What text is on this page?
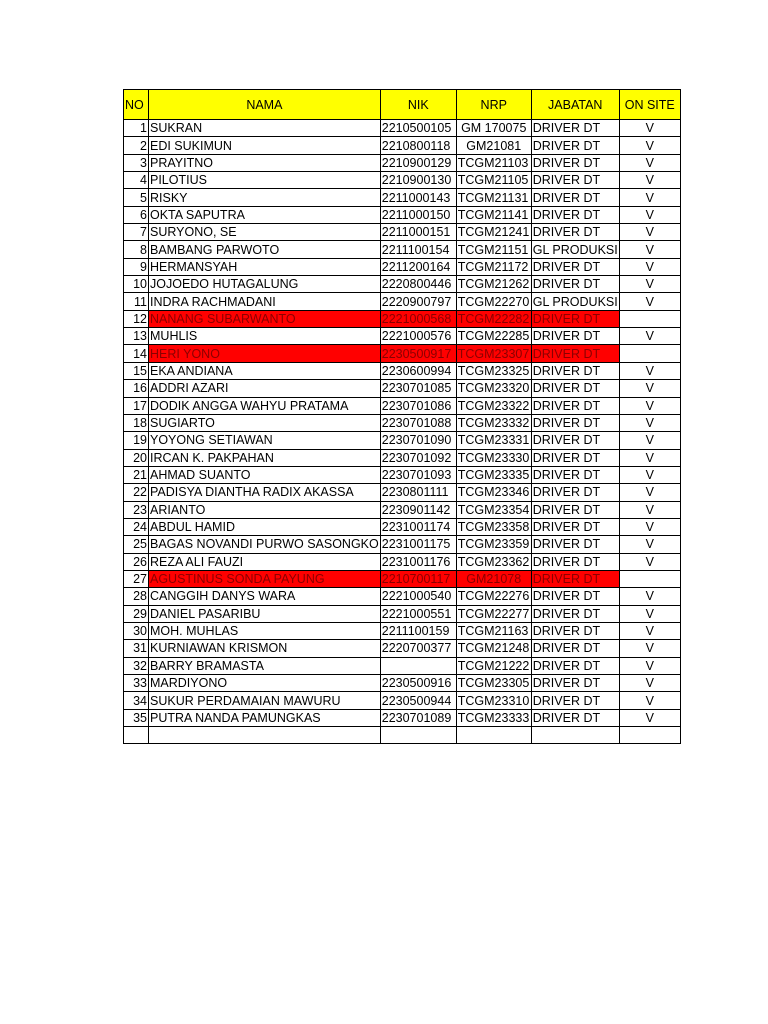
NO	NAMA	NIK	NRP	JABATAN	ON SITE
1	SUKRAN	2210500105	GM 170075	DRIVER DT	V
2	EDI SUKIMUN	2210800118	GM21081	DRIVER DT	V
3	PRAYITNO	2210900129	TCGM21103	DRIVER DT	V
4	PILOTIUS	2210900130	TCGM21105	DRIVER DT	V
5	RISKY	2211000143	TCGM21131	DRIVER DT	V
6	OKTA SAPUTRA	2211000150	TCGM21141	DRIVER DT	V
7	SURYONO, SE	2211000151	TCGM21241	DRIVER DT	V
8	BAMBANG PARWOTO	2211100154	TCGM21151	GL PRODUKSI	V
9	HERMANSYAH	2211200164	TCGM21172	DRIVER DT	V
10	JOJOEDO HUTAGALUNG	2220800446	TCGM21262	DRIVER DT	V
11	INDRA RACHMADANI	2220900797	TCGM22270	GL PRODUKSI	V
12	NANANG SUBARWANTO	2221000568	TCGM22282	DRIVER DT	
13	MUHLIS	2221000576	TCGM22285	DRIVER DT	V
14	HERI YONO	2230500917	TCGM23307	DRIVER DT	
15	EKA ANDIANA	2230600994	TCGM23325	DRIVER DT	V
16	ADDRI AZARI	2230701085	TCGM23320	DRIVER DT	V
17	DODIK ANGGA WAHYU PRATAMA	2230701086	TCGM23322	DRIVER DT	V
18	SUGIARTO	2230701088	TCGM23332	DRIVER DT	V
19	YOYONG SETIAWAN	2230701090	TCGM23331	DRIVER DT	V
20	IRCAN K. PAKPAHAN	2230701092	TCGM23330	DRIVER DT	V
21	AHMAD SUANTO	2230701093	TCGM23335	DRIVER DT	V
22	PADISYA DIANTHA RADIX AKASSA	2230801111	TCGM23346	DRIVER DT	V
23	ARIANTO	2230901142	TCGM23354	DRIVER DT	V
24	ABDUL HAMID	2231001174	TCGM23358	DRIVER DT	V
25	BAGAS NOVANDI PURWO SASONGKO	2231001175	TCGM23359	DRIVER DT	V
26	REZA ALI FAUZI	2231001176	TCGM23362	DRIVER DT	V
27	AGUSTINUS SONDA PAYUNG	2210700117	GM21078	DRIVER DT	
28	CANGGIH DANYS WARA	2221000540	TCGM22276	DRIVER DT	V
29	DANIEL PASARIBU	2221000551	TCGM22277	DRIVER DT	V
30	MOH. MUHLAS	2211100159	TCGM21163	DRIVER DT	V
31	KURNIAWAN KRISMON	2220700377	TCGM21248	DRIVER DT	V
32	BARRY BRAMASTA		TCGM21222	DRIVER DT	V
33	MARDIYONO	2230500916	TCGM23305	DRIVER DT	V
34	SUKUR PERDAMAIAN MAWURU	2230500944	TCGM23310	DRIVER DT	V
35	PUTRA NANDA PAMUNGKAS	2230701089	TCGM23333	DRIVER DT	V
